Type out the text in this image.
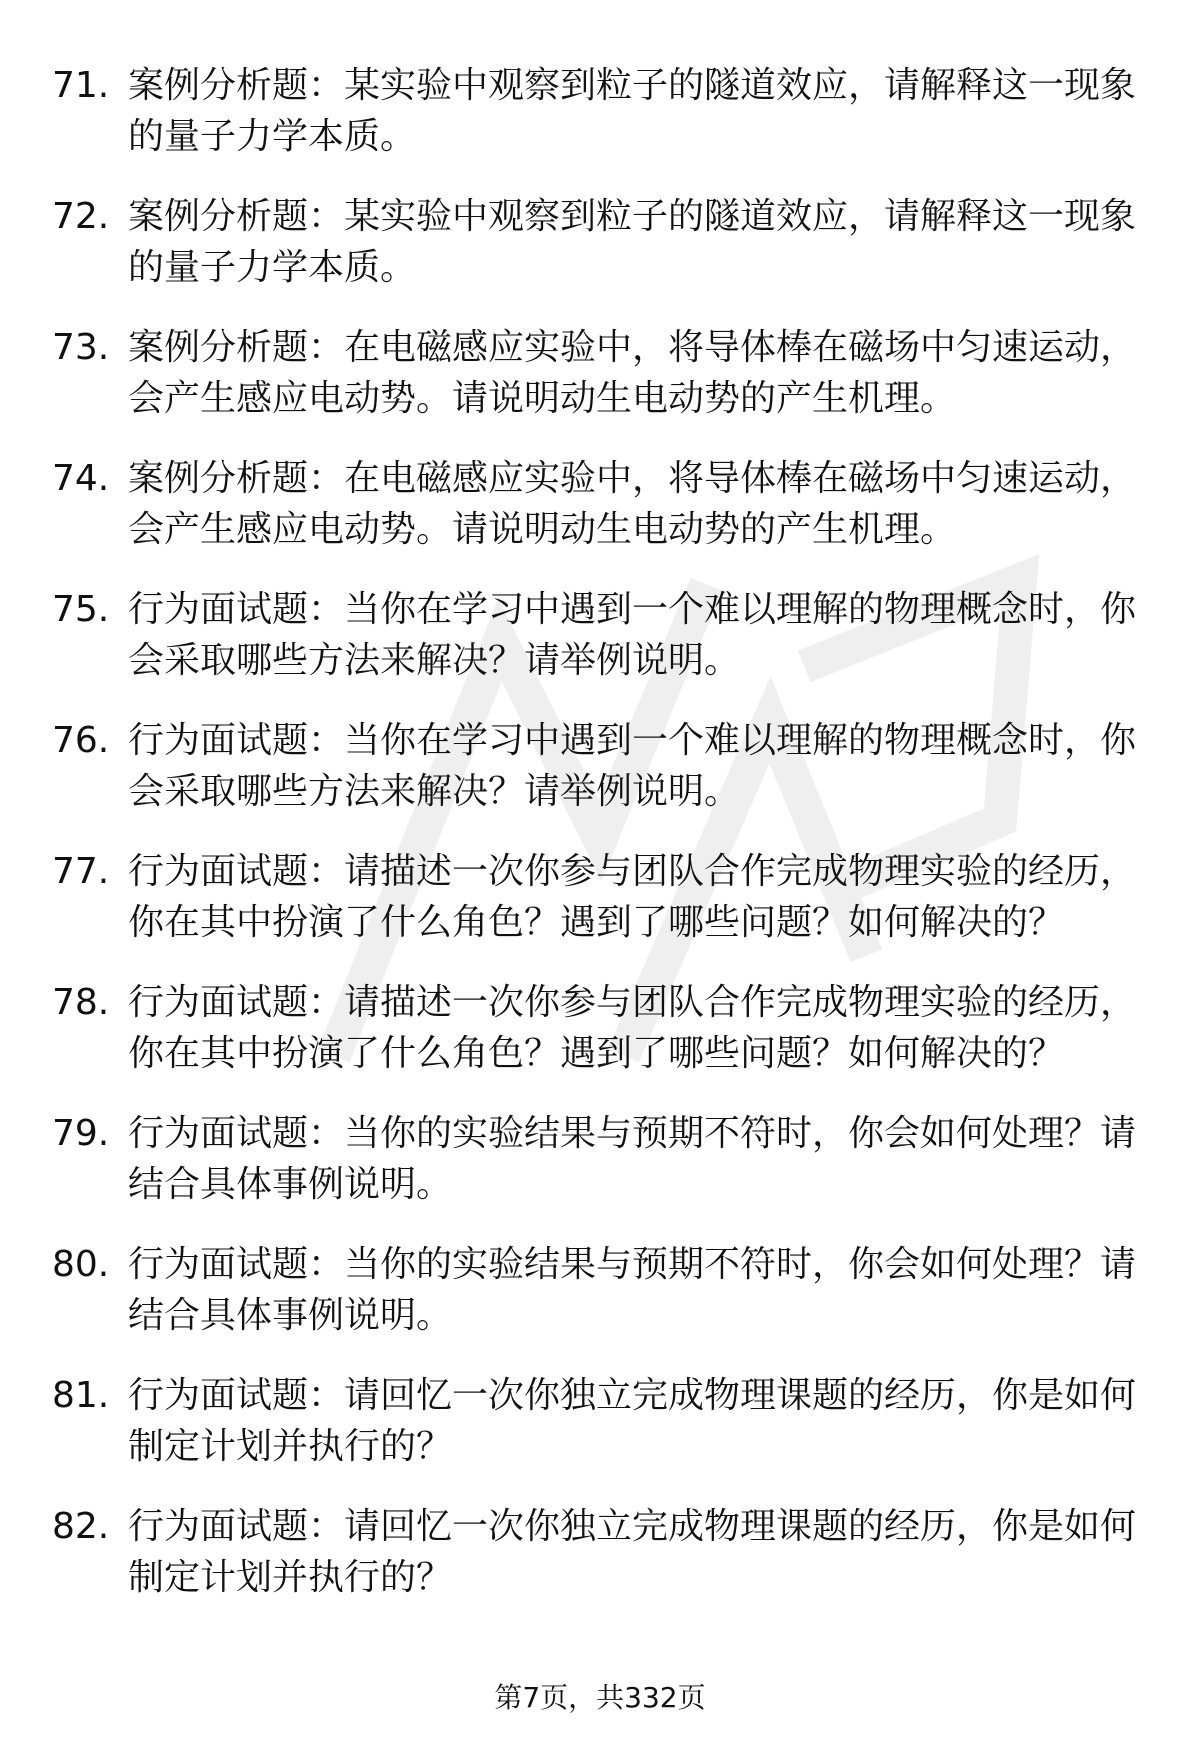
71. 案例分析题：某实验中观察到粒子的隧道效应，请解释这一现象的量子力学本质。
72. 案例分析题：某实验中观察到粒子的隧道效应，请解释这一现象的量子力学本质。
73. 案例分析题：在电磁感应实验中，将导体棒在磁场中匀速运动，会产生感应电动势。请说明动生电动势的产生机理。
74. 案例分析题：在电磁感应实验中，将导体棒在磁场中匀速运动，会产生感应电动势。请说明动生电动势的产生机理。
75. 行为面试题：当你在学习中遇到一个难以理解的物理概念时，你会采取哪些方法来解决？请举例说明。
76. 行为面试题：当你在学习中遇到一个难以理解的物理概念时，你会采取哪些方法来解决？请举例说明。
77. 行为面试题：请描述一次你参与团队合作完成物理实验的经历，你在其中扮演了什么角色？遇到了哪些问题？如何解决的？
78. 行为面试题：请描述一次你参与团队合作完成物理实验的经历，你在其中扮演了什么角色？遇到了哪些问题？如何解决的？
79. 行为面试题：当你的实验结果与预期不符时，你会如何处理？请结合具体事例说明。
80. 行为面试题：当你的实验结果与预期不符时，你会如何处理？请结合具体事例说明。
81. 行为面试题：请回忆一次你独立完成物理课题的经历，你是如何制定计划并执行的？
82. 行为面试题：请回忆一次你独立完成物理课题的经历，你是如何制定计划并执行的？
第7页，共332页
